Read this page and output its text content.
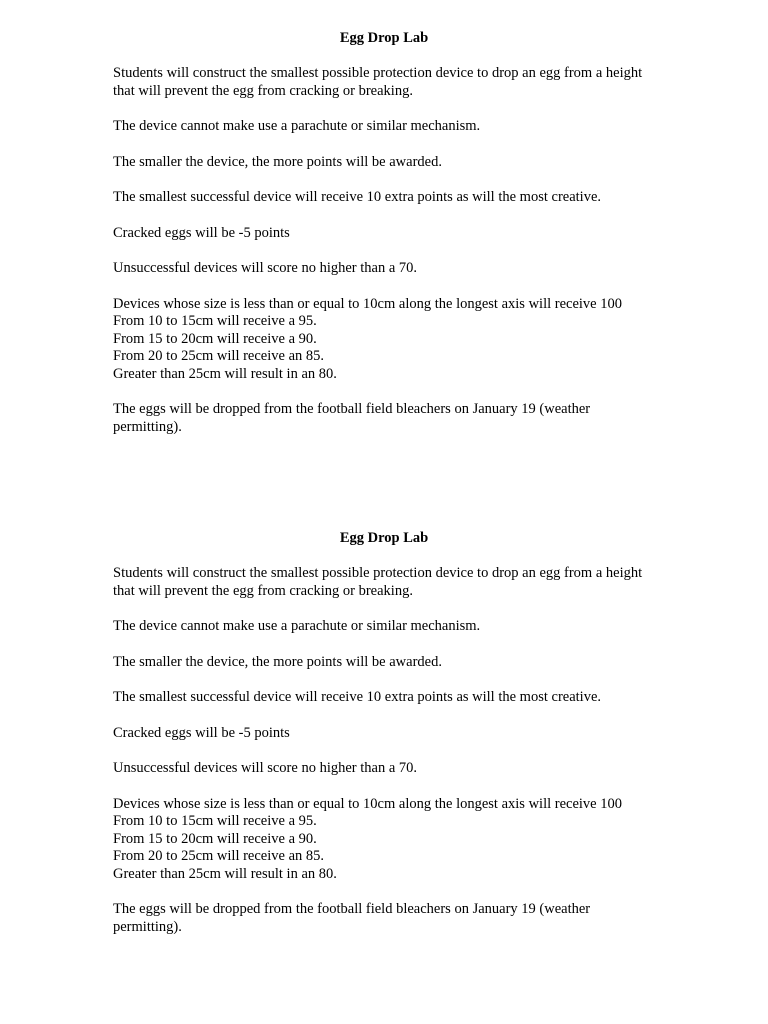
Egg Drop Lab

Students will construct the smallest possible protection device to drop an egg from a height that will prevent the egg from cracking or breaking.

The device cannot make use a parachute or similar mechanism.

The smaller the device, the more points will be awarded.

The smallest successful device will receive 10 extra points as will the most creative.

Cracked eggs will be -5 points

Unsuccessful devices will score no higher than a 70.

Devices whose size is less than or equal to 10cm along the longest axis will receive 100
From 10 to 15cm will receive a 95.
From 15 to 20cm will receive a 90.
From 20 to 25cm will receive an 85.
Greater than 25cm will result in an 80.

The eggs will be dropped from the football field bleachers on January 19 (weather permitting).

Egg Drop Lab

Students will construct the smallest possible protection device to drop an egg from a height that will prevent the egg from cracking or breaking.

The device cannot make use a parachute or similar mechanism.

The smaller the device, the more points will be awarded.

The smallest successful device will receive 10 extra points as will the most creative.

Cracked eggs will be -5 points

Unsuccessful devices will score no higher than a 70.

Devices whose size is less than or equal to 10cm along the longest axis will receive 100
From 10 to 15cm will receive a 95.
From 15 to 20cm will receive a 90.
From 20 to 25cm will receive an 85.
Greater than 25cm will result in an 80.

The eggs will be dropped from the football field bleachers on January 19 (weather permitting).
